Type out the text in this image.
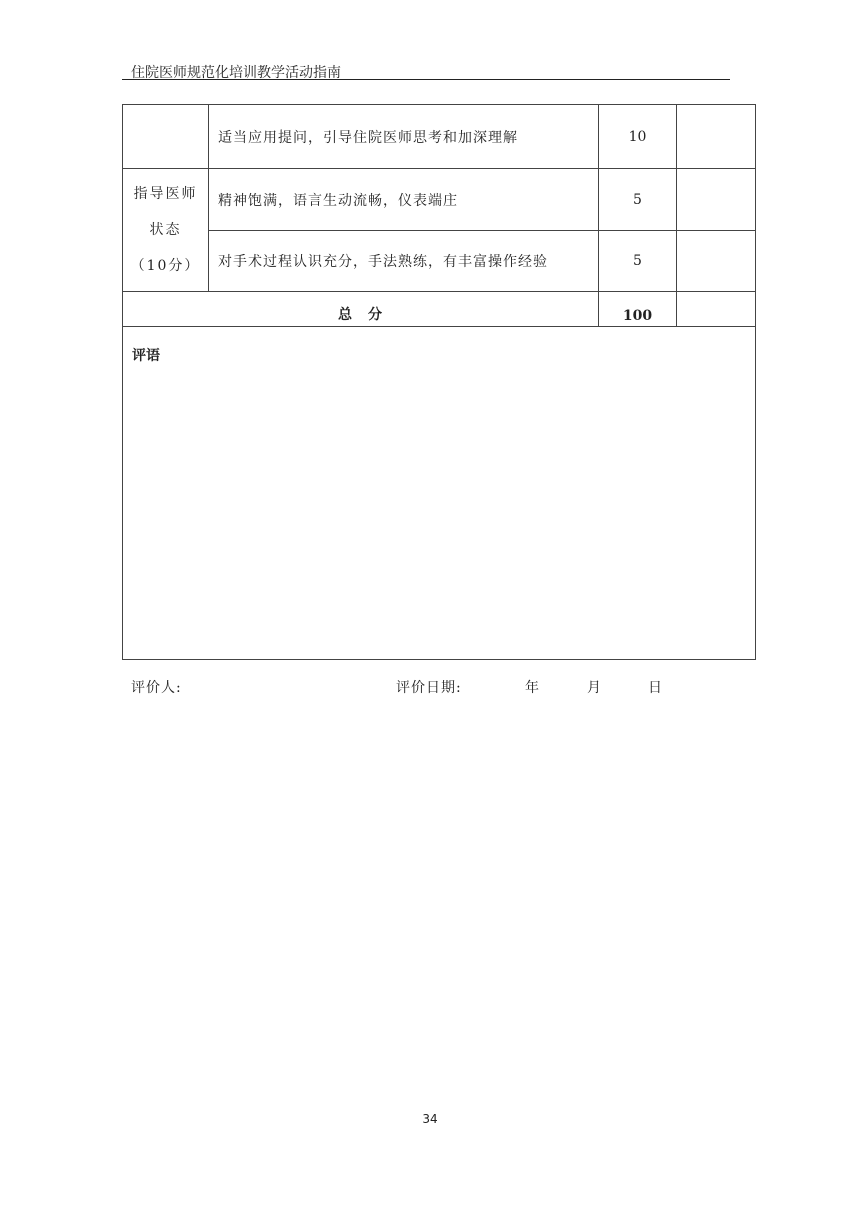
住院医师规范化培训教学活动指南
	适当应用提问，引导住院医师思考和加深理解	10	

指导医师
状态
（10分）	精神饱满，语言生动流畅，仪表端庄	5	
	对手术过程认识充分，手法熟练，有丰富操作经验	5	
总　分		100	
评语			
评价人:	评价日期:	年	月	日
34
